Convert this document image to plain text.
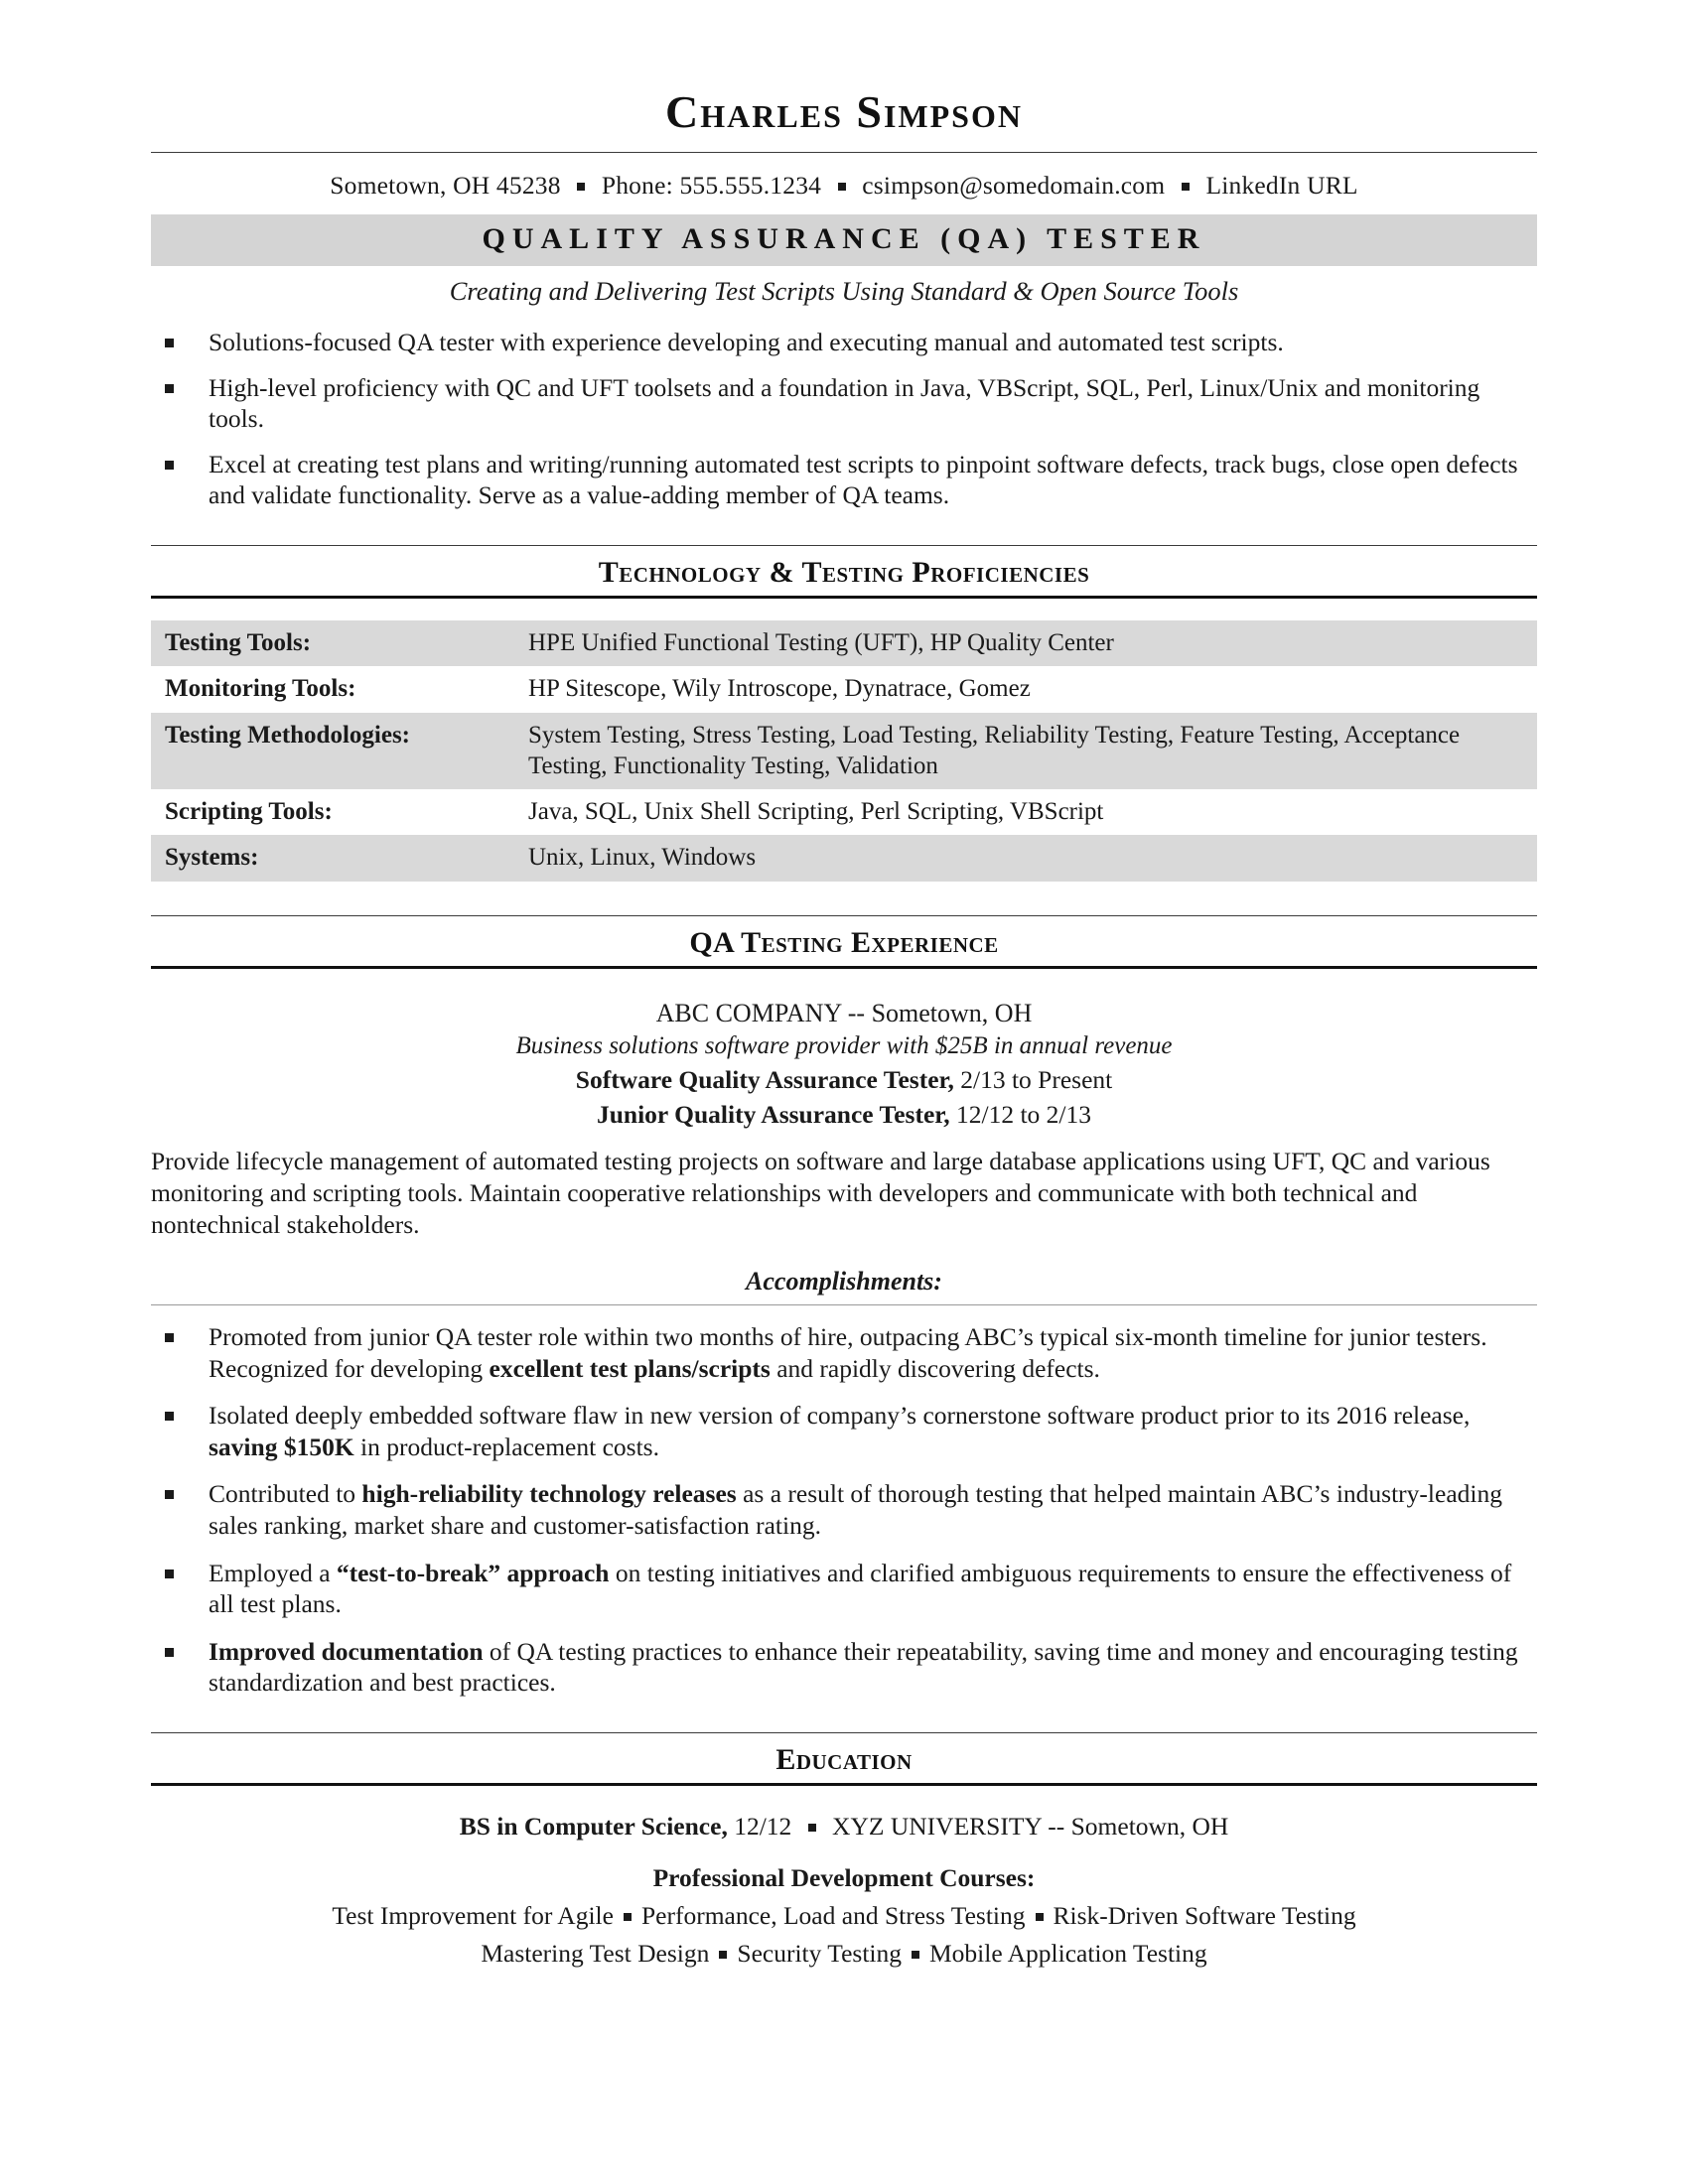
Charles Simpson
Sometown, OH 45238 Phone: 555.555.1234 csimpson@somedomain.com LinkedIn URL
QUALITY ASSURANCE (QA) TESTER
Creating and Delivering Test Scripts Using Standard & Open Source Tools
Solutions-focused QA tester with experience developing and executing manual and automated test scripts.
High-level proficiency with QC and UFT toolsets and a foundation in Java, VBScript, SQL, Perl, Linux/Unix and monitoring tools.
Excel at creating test plans and writing/running automated test scripts to pinpoint software defects, track bugs, close open defects and validate functionality. Serve as a value-adding member of QA teams.
Technology & Testing Proficiencies
Testing Tools:	HPE Unified Functional Testing (UFT), HP Quality Center
Monitoring Tools:	HP Sitescope, Wily Introscope, Dynatrace, Gomez
Testing Methodologies:	System Testing, Stress Testing, Load Testing, Reliability Testing, Feature Testing, Acceptance Testing, Functionality Testing, Validation
Scripting Tools:	Java, SQL, Unix Shell Scripting, Perl Scripting, VBScript
Systems:	Unix, Linux, Windows
QA Testing Experience
ABC COMPANY -- Sometown, OH
Business solutions software provider with $25B in annual revenue
Software Quality Assurance Tester, 2/13 to Present
Junior Quality Assurance Tester, 12/12 to 2/13
Provide lifecycle management of automated testing projects on software and large database applications using UFT, QC and various monitoring and scripting tools. Maintain cooperative relationships with developers and communicate with both technical and nontechnical stakeholders.
Accomplishments:
Promoted from junior QA tester role within two months of hire, outpacing ABC’s typical six-month timeline for junior testers. Recognized for developing excellent test plans/scripts and rapidly discovering defects.
Isolated deeply embedded software flaw in new version of company’s cornerstone software product prior to its 2016 release, saving $150K in product-replacement costs.
Contributed to high-reliability technology releases as a result of thorough testing that helped maintain ABC’s industry-leading sales ranking, market share and customer-satisfaction rating.
Employed a “test-to-break” approach on testing initiatives and clarified ambiguous requirements to ensure the effectiveness of all test plans.
Improved documentation of QA testing practices to enhance their repeatability, saving time and money and encouraging testing standardization and best practices.
Education
BS in Computer Science, 12/12  XYZ UNIVERSITY -- Sometown, OH
Professional Development Courses:
Test Improvement for Agile Performance, Load and Stress Testing Risk-Driven Software Testing
Mastering Test Design Security Testing Mobile Application Testing
